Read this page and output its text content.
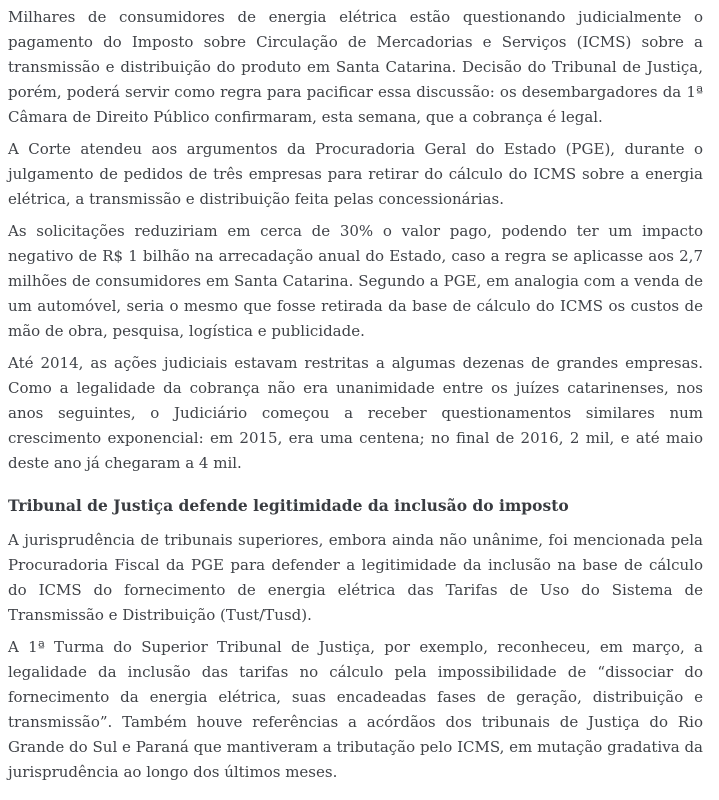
Milhares de consumidores de energia elétrica estão questionando judicialmente o pagamento do Imposto sobre Circulação de Mercadorias e Serviços (ICMS) sobre a transmissão e distribuição do produto em Santa Catarina. Decisão do Tribunal de Justiça, porém, poderá servir como regra para pacificar essa discussão: os desembargadores da 1ª Câmara de Direito Público confirmaram, esta semana, que a cobrança é legal.

A Corte atendeu aos argumentos da Procuradoria Geral do Estado (PGE), durante o julgamento de pedidos de três empresas para retirar do cálculo do ICMS sobre a energia elétrica, a transmissão e distribuição feita pelas concessionárias.

As solicitações reduziriam em cerca de 30% o valor pago, podendo ter um impacto negativo de R$ 1 bilhão na arrecadação anual do Estado, caso a regra se aplicasse aos 2,7 milhões de consumidores em Santa Catarina. Segundo a PGE, em analogia com a venda de um automóvel, seria o mesmo que fosse retirada da base de cálculo do ICMS os custos de mão de obra, pesquisa, logística e publicidade.

Até 2014, as ações judiciais estavam restritas a algumas dezenas de grandes empresas. Como a legalidade da cobrança não era unanimidade entre os juízes catarinenses, nos anos seguintes, o Judiciário começou a receber questionamentos similares num crescimento exponencial: em 2015, era uma centena; no final de 2016, 2 mil, e até maio deste ano já chegaram a 4 mil.

Tribunal de Justiça defende legitimidade da inclusão do imposto

A jurisprudência de tribunais superiores, embora ainda não unânime, foi mencionada pela Procuradoria Fiscal da PGE para defender a legitimidade da inclusão na base de cálculo do ICMS do fornecimento de energia elétrica das Tarifas de Uso do Sistema de Transmissão e Distribuição (Tust/Tusd).

A 1ª Turma do Superior Tribunal de Justiça, por exemplo, reconheceu, em março, a legalidade da inclusão das tarifas no cálculo pela impossibilidade de “dissociar do fornecimento da energia elétrica, suas encadeadas fases de geração, distribuição e transmissão”. Também houve referências a acórdãos dos tribunais de Justiça do Rio Grande do Sul e Paraná que mantiveram a tributação pelo ICMS, em mutação gradativa da jurisprudência ao longo dos últimos meses.
